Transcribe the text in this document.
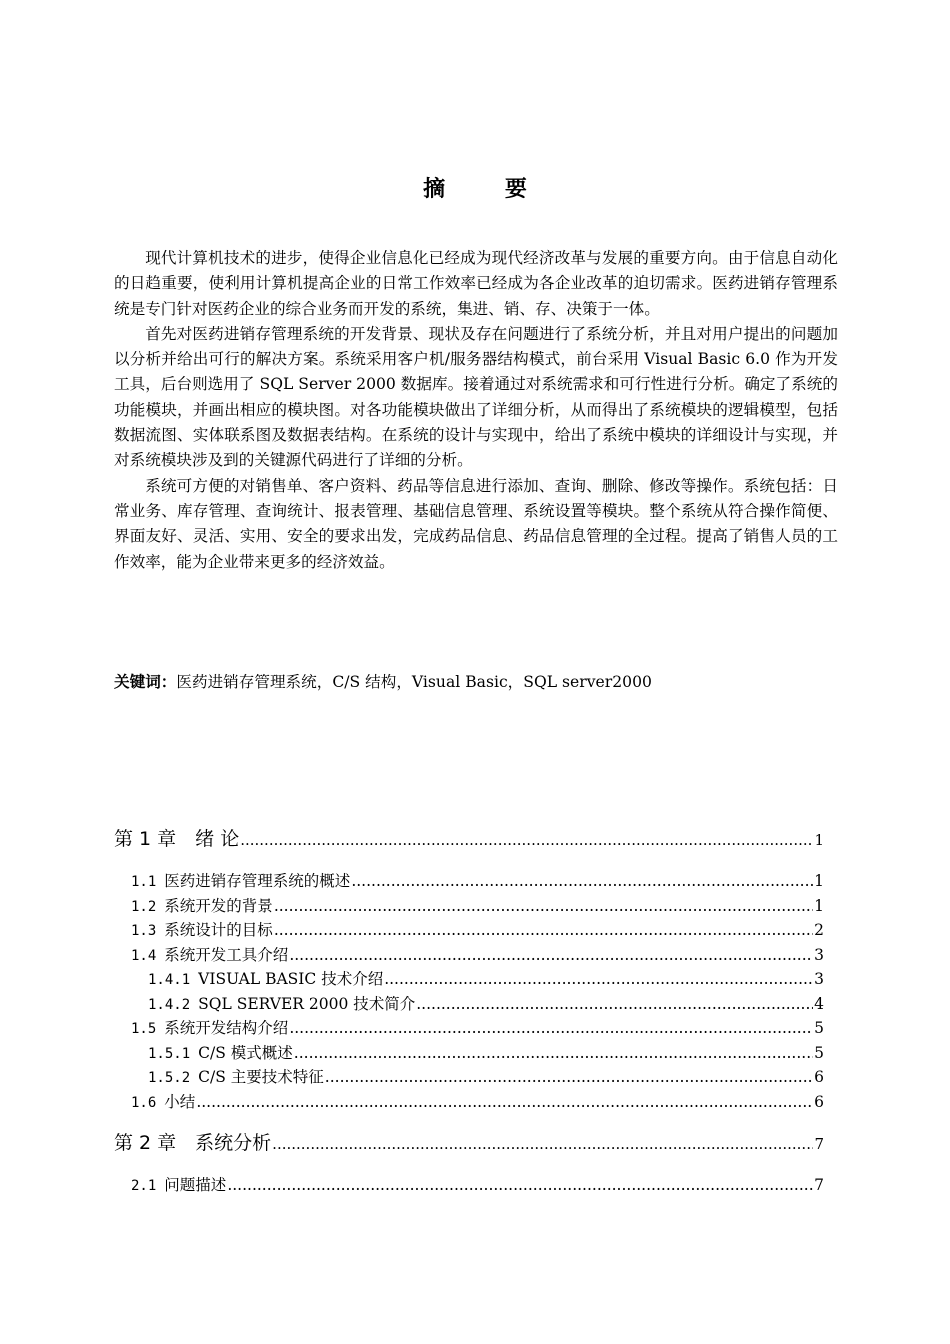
摘 要

现代计算机技术的进步，使得企业信息化已经成为现代经济改革与发展的重要方向。由于信息自动化的日趋重要，使利用计算机提高企业的日常工作效率已经成为各企业改革的迫切需求。医药进销存管理系统是专门针对医药企业的综合业务而开发的系统，集进、销、存、决策于一体。

首先对医药进销存管理系统的开发背景、现状及存在问题进行了系统分析，并且对用户提出的问题加以分析并给出可行的解决方案。系统采用客户机/服务器结构模式，前台采用 Visual Basic 6.0 作为开发工具，后台则选用了 SQL Server 2000 数据库。接着通过对系统需求和可行性进行分析。确定了系统的功能模块，并画出相应的模块图。对各功能模块做出了详细分析，从而得出了系统模块的逻辑模型，包括数据流图、实体联系图及数据表结构。在系统的设计与实现中，给出了系统中模块的详细设计与实现，并对系统模块涉及到的关键源代码进行了详细的分析。

系统可方便的对销售单、客户资料、药品等信息进行添加、查询、删除、修改等操作。系统包括：日常业务、库存管理、查询统计、报表管理、基础信息管理、系统设置等模块。整个系统从符合操作简便、界面友好、灵活、实用、安全的要求出发，完成药品信息、药品信息管理的全过程。提高了销售人员的工作效率，能为企业带来更多的经济效益。

关键词：医药进销存管理系统，C/S 结构，Visual Basic，SQL server2000
第 1 章　绪 论 .....	1
1.1 医药进销存管理系统的概述 .....	1
1.2 系统开发的背景 .....	1
1.3 系统设计的目标 .....	2
1.4 系统开发工具介绍 .....	3
1.4.1 VISUAL BASIC 技术介绍 .....	3
1.4.2 SQL SERVER 2000 技术简介 .....	4
1.5 系统开发结构介绍 .....	5
1.5.1 C/S 模式概述 .....	5
1.5.2 C/S 主要技术特征 .....	6
1.6 小结 .....	6
第 2 章　系统分析 .....	7
2.1 问题描述 .....	7
